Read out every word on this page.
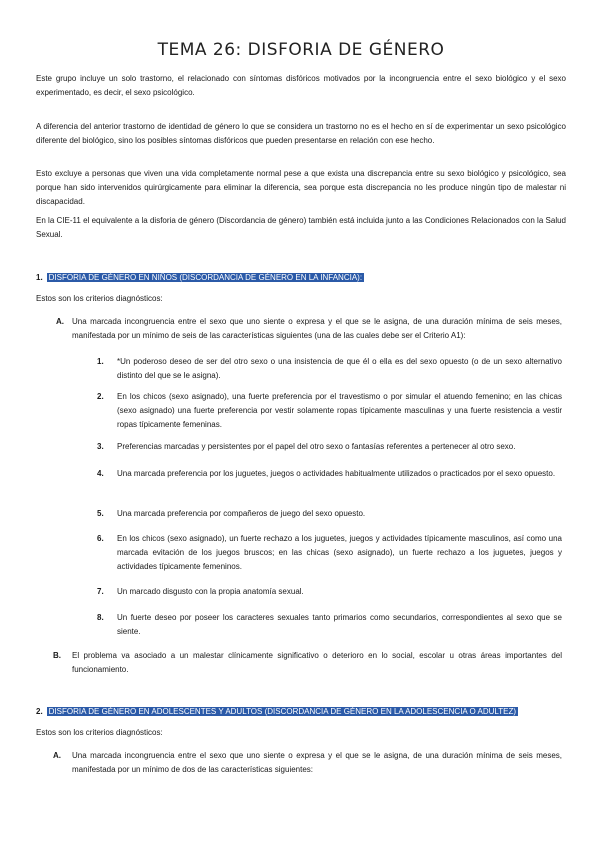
TEMA 26: DISFORIA DE GÉNERO

Este grupo incluye un solo trastorno, el relacionado con síntomas disfóricos motivados por la incongruencia entre el sexo biológico y el sexo experimentado, es decir, el sexo psicológico.

A diferencia del anterior trastorno de identidad de género lo que se considera un trastorno no es el hecho en sí de experimentar un sexo psicológico diferente del biológico, sino los posibles síntomas disfóricos que pueden presentarse en relación con ese hecho.

Esto excluye a personas que viven una vida completamente normal pese a que exista una discrepancia entre su sexo biológico y psicológico, sea porque han sido intervenidos quirúrgicamente para eliminar la diferencia, sea porque esta discrepancia no les produce ningún tipo de malestar ni discapacidad.

En la CIE-11 el equivalente a la disforia de género (Discordancia de género) también está incluida junto a las Condiciones Relacionados con la Salud Sexual.

1. DISFORIA DE GÉNERO EN NIÑOS (DISCORDANCIA DE GÉNERO EN LA INFANCIA):
Estos son los criterios diagnósticos:
A. Una marcada incongruencia entre el sexo que uno siente o expresa y el que se le asigna, de una duración mínima de seis meses, manifestada por un mínimo de seis de las características siguientes (una de las cuales debe ser el Criterio A1):

1. *Un poderoso deseo de ser del otro sexo o una insistencia de que él o ella es del sexo opuesto (o de un sexo alternativo distinto del que se le asigna).

2. En los chicos (sexo asignado), una fuerte preferencia por el travestismo o por simular el atuendo femenino; en las chicas (sexo asignado) una fuerte preferencia por vestir solamente ropas típicamente masculinas y una fuerte resistencia a vestir ropas típicamente femeninas.

3. Preferencias marcadas y persistentes por el papel del otro sexo o fantasías referentes a pertenecer al otro sexo.

4. Una marcada preferencia por los juguetes, juegos o actividades habitualmente utilizados o practicados por el sexo opuesto.

5. Una marcada preferencia por compañeros de juego del sexo opuesto.

6. En los chicos (sexo asignado), un fuerte rechazo a los juguetes, juegos y actividades típicamente masculinos, así como una marcada evitación de los juegos bruscos; en las chicas (sexo asignado), un fuerte rechazo a los juguetes, juegos y actividades típicamente femeninos.

7. Un marcado disgusto con la propia anatomía sexual.

8. Un fuerte deseo por poseer los caracteres sexuales tanto primarios como secundarios, correspondientes al sexo que se siente.

B. El problema va asociado a un malestar clínicamente significativo o deterioro en lo social, escolar u otras áreas importantes del funcionamiento.

2. DISFORIA DE GÉNERO EN ADOLESCENTES Y ADULTOS (DISCORDANCIA DE GÉNERO EN LA ADOLESCENCIA O ADULTEZ)
Estos son los criterios diagnósticos:
A. Una marcada incongruencia entre el sexo que uno siente o expresa y el que se le asigna, de una duración mínima de seis meses, manifestada por un mínimo de dos de las características siguientes:
